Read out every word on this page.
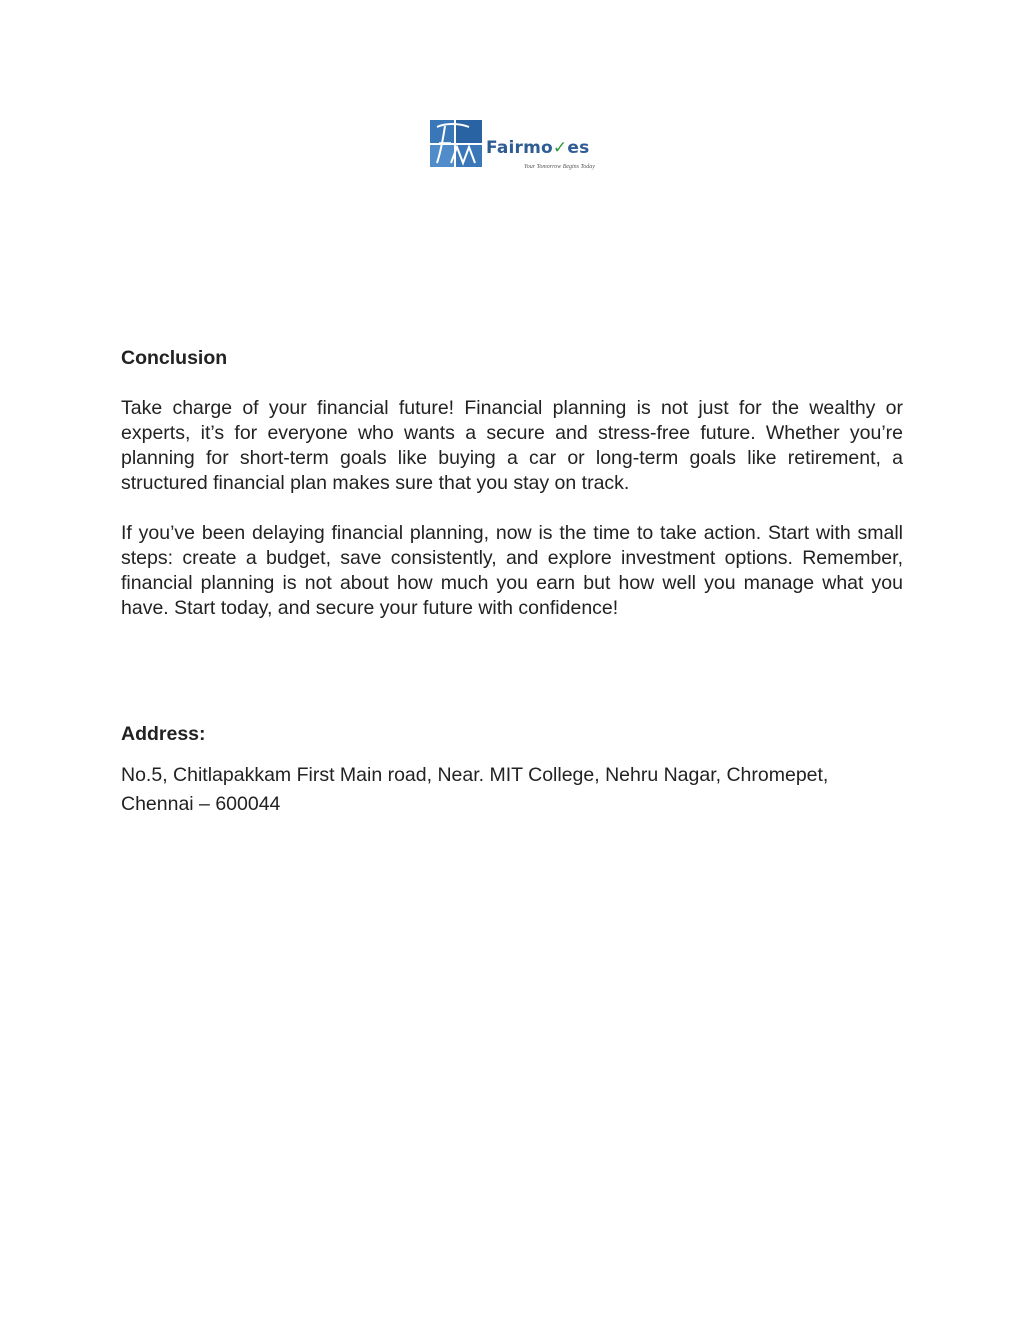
Fairmo✓es
Your Tomorrow Begins Today

Conclusion

Take charge of your financial future! Financial planning is not just for the wealthy or experts, it’s for everyone who wants a secure and stress-free future. Whether you’re planning for short-term goals like buying a car or long-term goals like retirement, a structured financial plan makes sure that you stay on track.

If you’ve been delaying financial planning, now is the time to take action. Start with small steps: create a budget, save consistently, and explore investment options. Remember, financial planning is not about how much you earn but how well you manage what you have. Start today, and secure your future with confidence!

Address:

No.5, Chitlapakkam First Main road, Near. MIT College, Nehru Nagar, Chromepet,
Chennai – 600044
